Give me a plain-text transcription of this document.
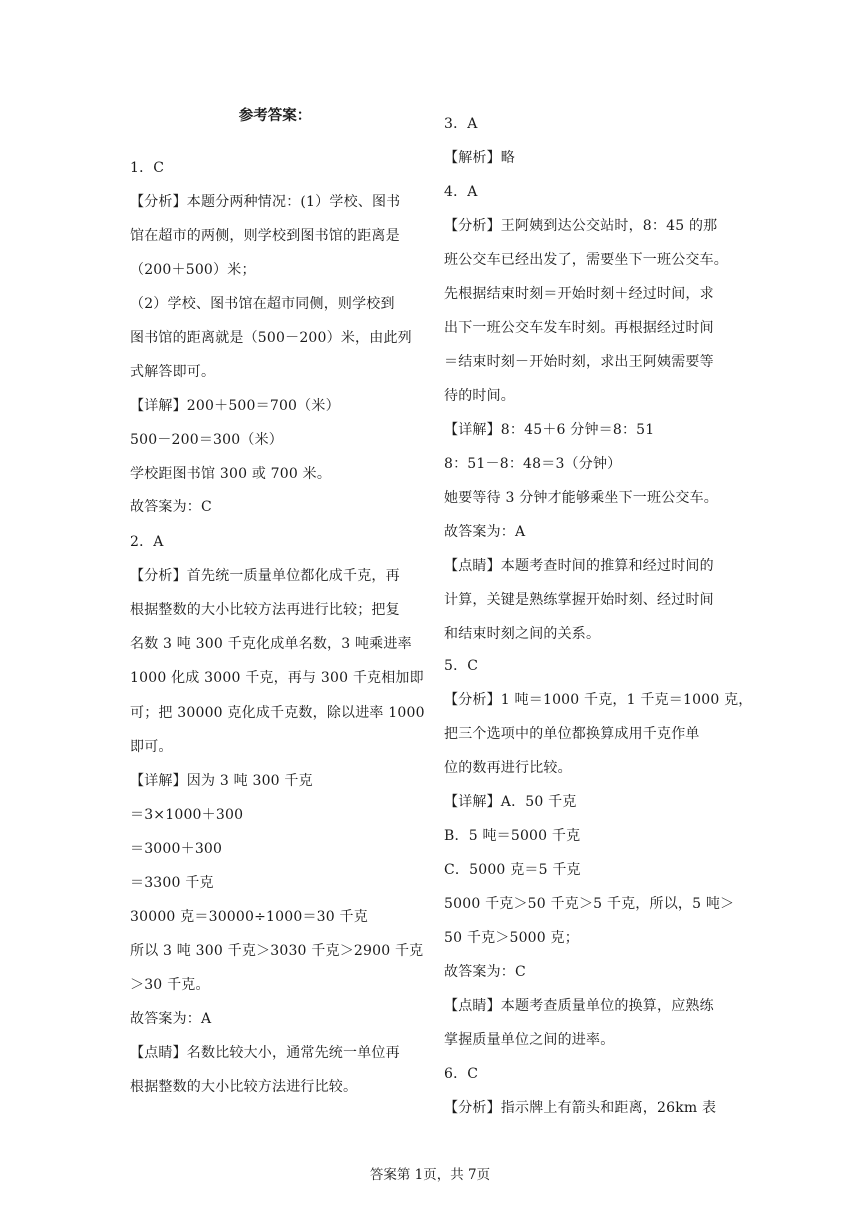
参考答案：
1．C
【分析】本题分两种情况：(1）学校、图书
馆在超市的两侧，则学校到图书馆的距离是
（200＋500）米；
（2）学校、图书馆在超市同侧，则学校到
图书馆的距离就是（500－200）米，由此列
式解答即可。
【详解】200＋500＝700（米）
500－200＝300（米）
学校距图书馆 300 或 700 米。
故答案为：C
2．A
【分析】首先统一质量单位都化成千克，再
根据整数的大小比较方法再进行比较；把复
名数 3 吨 300 千克化成单名数，3 吨乘进率
1000 化成 3000 千克，再与 300 千克相加即
可；把 30000 克化成千克数，除以进率 1000
即可。
【详解】因为 3 吨 300 千克
＝3×1000＋300
＝3000＋300
＝3300 千克
30000 克＝30000÷1000＝30 千克
所以 3 吨 300 千克＞3030 千克＞2900 千克
＞30 千克。
故答案为：A
【点睛】名数比较大小，通常先统一单位再
根据整数的大小比较方法进行比较。
3．A
【解析】略
4．A
【分析】王阿姨到达公交站时，8：45 的那
班公交车已经出发了，需要坐下一班公交车。
先根据结束时刻＝开始时刻＋经过时间，求
出下一班公交车发车时刻。再根据经过时间
＝结束时刻－开始时刻，求出王阿姨需要等
待的时间。
【详解】8：45＋6 分钟＝8：51
8：51－8：48＝3（分钟）
她要等待 3 分钟才能够乘坐下一班公交车。
故答案为：A
【点睛】本题考查时间的推算和经过时间的
计算，关键是熟练掌握开始时刻、经过时间
和结束时刻之间的关系。
5．C
【分析】1 吨＝1000 千克，1 千克＝1000 克，
把三个选项中的单位都换算成用千克作单
位的数再进行比较。
【详解】A．50 千克
B．5 吨＝5000 千克
C．5000 克＝5 千克
5000 千克＞50 千克＞5 千克，所以，5 吨＞
50 千克＞5000 克；
故答案为：C
【点睛】本题考查质量单位的换算，应熟练
掌握质量单位之间的进率。
6．C
【分析】指示牌上有箭头和距离，26km 表
答案第 1页，共 7页
